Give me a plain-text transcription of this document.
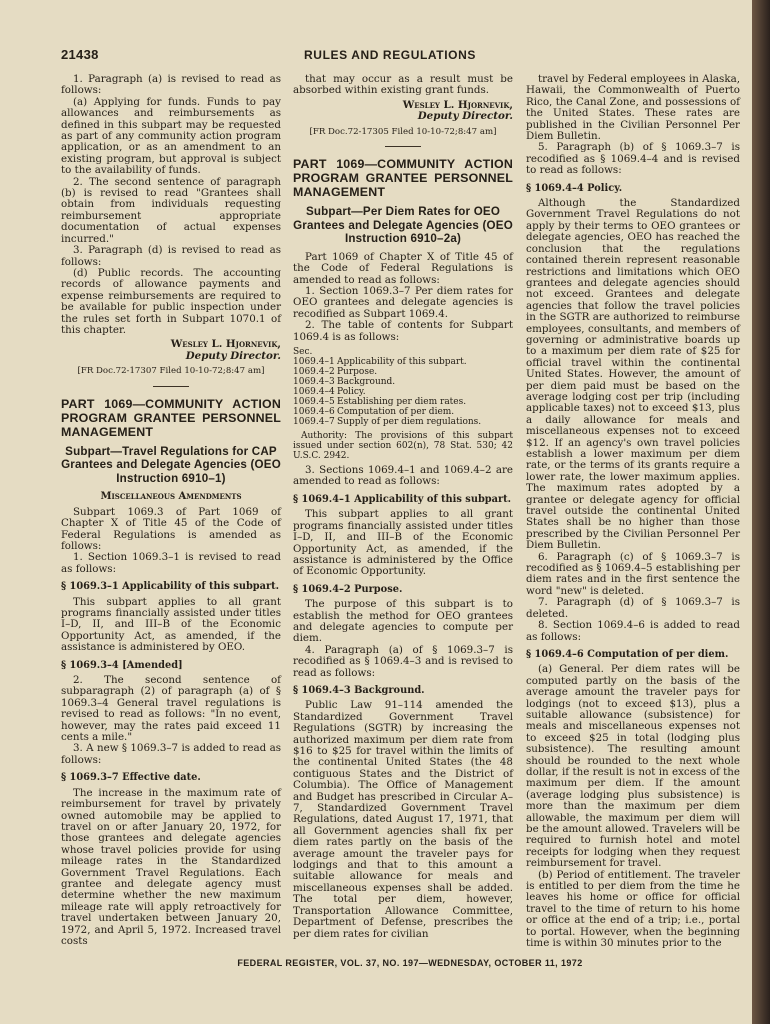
21438	RULES AND REGULATIONS

1. Paragraph (a) is revised to read as follows:

(a) Applying for funds. Funds to pay allowances and reimbursements as defined in this subpart may be requested as part of any community action program application, or as an amendment to an existing program, but approval is subject to the availability of funds.

2. The second sentence of paragraph (b) is revised to read "Grantees shall obtain from individuals requesting reimbursement appropriate documentation of actual expenses incurred."

3. Paragraph (d) is revised to read as follows:

(d) Public records. The accounting records of allowance payments and expense reimbursements are required to be available for public inspection under the rules set forth in Subpart 1070.1 of this chapter.

Wesley L. Hjornevik,

Deputy Director.

[FR Doc.72-17307 Filed 10-10-72;8:47 am]

PART 1069—COMMUNITY ACTION PROGRAM GRANTEE PERSONNEL MANAGEMENT
Subpart—Travel Regulations for CAP Grantees and Delegate Agencies (OEO Instruction 6910–1)

Miscellaneous Amendments

Subpart 1069.3 of Part 1069 of Chapter X of Title 45 of the Code of Federal Regulations is amended as follows:

1. Section 1069.3–1 is revised to read as follows:

§ 1069.3–1 Applicability of this subpart.

This subpart applies to all grant programs financially assisted under titles I–D, II, and III–B of the Economic Opportunity Act, as amended, if the assistance is administered by OEO.

§ 1069.3–4 [Amended]

2. The second sentence of subparagraph (2) of paragraph (a) of § 1069.3–4 General travel regulations is revised to read as follows: "In no event, however, may the rates paid exceed 11 cents a mile."

3. A new § 1069.3–7 is added to read as follows:

§ 1069.3–7 Effective date.

The increase in the maximum rate of reimbursement for travel by privately owned automobile may be applied to travel on or after January 20, 1972, for those grantees and delegate agencies whose travel policies provide for using mileage rates in the Standardized Government Travel Regulations. Each grantee and delegate agency must determine whether the new maximum mileage rate will apply retroactively for travel undertaken between January 20, 1972, and April 5, 1972. Increased travel costs

that may occur as a result must be absorbed within existing grant funds.

Wesley L. Hjornevik,

Deputy Director.

[FR Doc.72-17305 Filed 10-10-72;8:47 am]

PART 1069—COMMUNITY ACTION PROGRAM GRANTEE PERSONNEL MANAGEMENT
Subpart—Per Diem Rates for OEO Grantees and Delegate Agencies (OEO Instruction 6910–2a)

Part 1069 of Chapter X of Title 45 of the Code of Federal Regulations is amended to read as follows:

1. Section 1069.3–7 Per diem rates for OEO grantees and delegate agencies is recodified as Subpart 1069.4.

2. The table of contents for Subpart 1069.4 is as follows:

Sec.
1069.4–1 Applicability of this subpart.
1069.4–2 Purpose.
1069.4–3 Background.
1069.4–4 Policy.
1069.4–5 Establishing per diem rates.
1069.4–6 Computation of per diem.
1069.4–7 Supply of per diem regulations.

Authority: The provisions of this subpart issued under section 602(n), 78 Stat. 530; 42 U.S.C. 2942.

3. Sections 1069.4–1 and 1069.4–2 are amended to read as follows:

§ 1069.4–1 Applicability of this subpart.

This subpart applies to all grant programs financially assisted under titles I–D, II, and III–B of the Economic Opportunity Act, as amended, if the assistance is administered by the Office of Economic Opportunity.

§ 1069.4–2 Purpose.

The purpose of this subpart is to establish the method for OEO grantees and delegate agencies to compute per diem.

4. Paragraph (a) of § 1069.3–7 is recodified as § 1069.4–3 and is revised to read as follows:

§ 1069.4–3 Background.

Public Law 91–114 amended the Standardized Government Travel Regulations (SGTR) by increasing the authorized maximum per diem rate from $16 to $25 for travel within the limits of the continental United States (the 48 contiguous States and the District of Columbia). The Office of Management and Budget has prescribed in Circular A–7, Standardized Government Travel Regulations, dated August 17, 1971, that all Government agencies shall fix per diem rates partly on the basis of the average amount the traveler pays for lodgings and that to this amount a suitable allowance for meals and miscellaneous expenses shall be added. The total per diem, however, Transportation Allowance Committee, Department of Defense, prescribes the per diem rates for civilian

travel by Federal employees in Alaska, Hawaii, the Commonwealth of Puerto Rico, the Canal Zone, and possessions of the United States. These rates are published in the Civilian Personnel Per Diem Bulletin.

5. Paragraph (b) of § 1069.3–7 is recodified as § 1069.4–4 and is revised to read as follows:

§ 1069.4–4 Policy.

Although the Standardized Government Travel Regulations do not apply by their terms to OEO grantees or delegate agencies, OEO has reached the conclusion that the regulations contained therein represent reasonable restrictions and limitations which OEO grantees and delegate agencies should not exceed. Grantees and delegate agencies that follow the travel policies in the SGTR are authorized to reimburse employees, consultants, and members of governing or administrative boards up to a maximum per diem rate of $25 for official travel within the continental United States. However, the amount of per diem paid must be based on the average lodging cost per trip (including applicable taxes) not to exceed $13, plus a daily allowance for meals and miscellaneous expenses not to exceed $12. If an agency's own travel policies establish a lower maximum per diem rate, or the terms of its grants require a lower rate, the lower maximum applies. The maximum rates adopted by a grantee or delegate agency for official travel outside the continental United States shall be no higher than those prescribed by the Civilian Personnel Per Diem Bulletin.

6. Paragraph (c) of § 1069.3–7 is recodified as § 1069.4–5 establishing per diem rates and in the first sentence the word "new" is deleted.

7. Paragraph (d) of § 1069.3–7 is deleted.

8. Section 1069.4–6 is added to read as follows:

§ 1069.4–6 Computation of per diem.

(a) General. Per diem rates will be computed partly on the basis of the average amount the traveler pays for lodgings (not to exceed $13), plus a suitable allowance (subsistence) for meals and miscellaneous expenses not to exceed $25 in total (lodging plus subsistence). The resulting amount should be rounded to the next whole dollar, if the result is not in excess of the maximum per diem. If the amount (average lodging plus subsistence) is more than the maximum per diem allowable, the maximum per diem will be the amount allowed. Travelers will be required to furnish hotel and motel receipts for lodging when they request reimbursement for travel.

(b) Period of entitlement. The traveler is entitled to per diem from the time he leaves his home or office for official travel to the time of return to his home or office at the end of a trip; i.e., portal to portal. However, when the beginning time is within 30 minutes prior to the

FEDERAL REGISTER, VOL. 37, NO. 197—WEDNESDAY, OCTOBER 11, 1972
